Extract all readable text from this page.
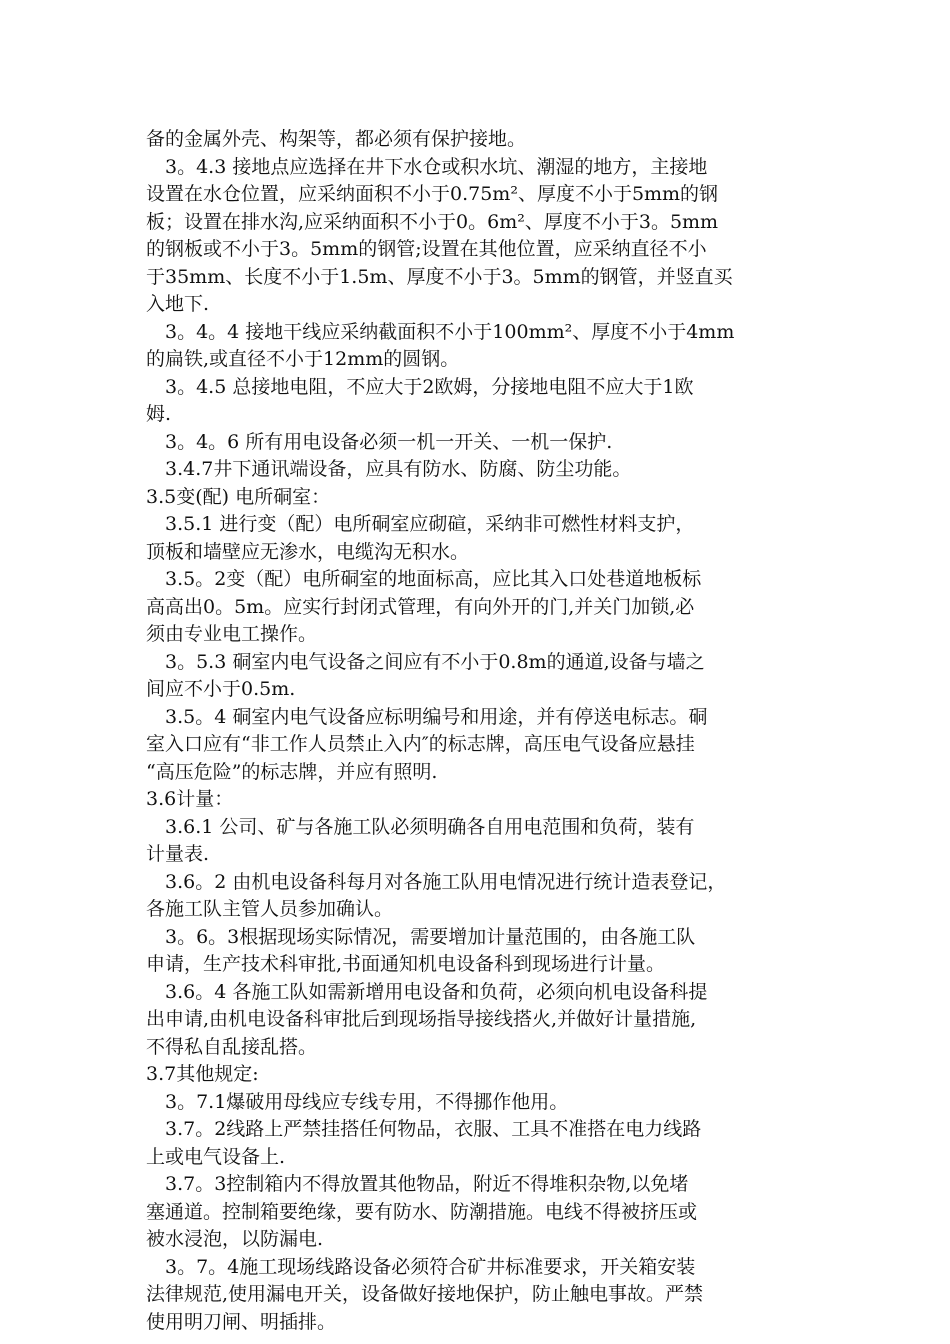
备的金属外壳、构架等，都必须有保护接地。
3。4.3 接地点应选择在井下水仓或积水坑、潮湿的地方，主接地
设置在水仓位置，应采纳面积不小于0.75m²、厚度不小于5mm的钢
板；设置在排水沟,应采纳面积不小于0。6m²、厚度不小于3。5mm
的钢板或不小于3。5mm的钢管;设置在其他位置，应采纳直径不小
于35mm、长度不小于1.5m、厚度不小于3。5mm的钢管，并竖直买
入地下.
3。4。4 接地干线应采纳截面积不小于100mm²、厚度不小于4mm
的扁铁,或直径不小于12mm的圆钢。
3。4.5 总接地电阻，不应大于2欧姆，分接地电阻不应大于1欧
姆.
3。4。6 所有用电设备必须一机一开关、一机一保护.
3.4.7井下通讯端设备，应具有防水、防腐、防尘功能。
3.5变(配) 电所硐室：
3.5.1 进行变（配）电所硐室应砌碹，采纳非可燃性材料支护，
顶板和墙壁应无渗水，电缆沟无积水。
3.5。2变（配）电所硐室的地面标高，应比其入口处巷道地板标
高高出0。5m。应实行封闭式管理，有向外开的门,并关门加锁,必
须由专业电工操作。
3。5.3 硐室内电气设备之间应有不小于0.8m的通道,设备与墙之
间应不小于0.5m.
3.5。4 硐室内电气设备应标明编号和用途，并有停送电标志。硐
室入口应有“非工作人员禁止入内″的标志牌，高压电气设备应悬挂
“高压危险”的标志牌，并应有照明.
3.6计量：
3.6.1 公司、矿与各施工队必须明确各自用电范围和负荷，装有
计量表.
3.6。2 由机电设备科每月对各施工队用电情况进行统计造表登记，
各施工队主管人员参加确认。
3。6。3根据现场实际情况，需要增加计量范围的，由各施工队
申请，生产技术科审批,书面通知机电设备科到现场进行计量。
3.6。4 各施工队如需新增用电设备和负荷，必须向机电设备科提
出申请,由机电设备科审批后到现场指导接线搭火,并做好计量措施,
不得私自乱接乱搭。
3.7其他规定:
3。7.1爆破用母线应专线专用，不得挪作他用。
3.7。2线路上严禁挂搭任何物品，衣服、工具不准搭在电力线路
上或电气设备上.
3.7。3控制箱内不得放置其他物品，附近不得堆积杂物,以免堵
塞通道。控制箱要绝缘，要有防水、防潮措施。电线不得被挤压或
被水浸泡，以防漏电.
3。7。4施工现场线路设备必须符合矿井标准要求，开关箱安装
法律规范,使用漏电开关，设备做好接地保护，防止触电事故。严禁
使用明刀闸、明插排。
